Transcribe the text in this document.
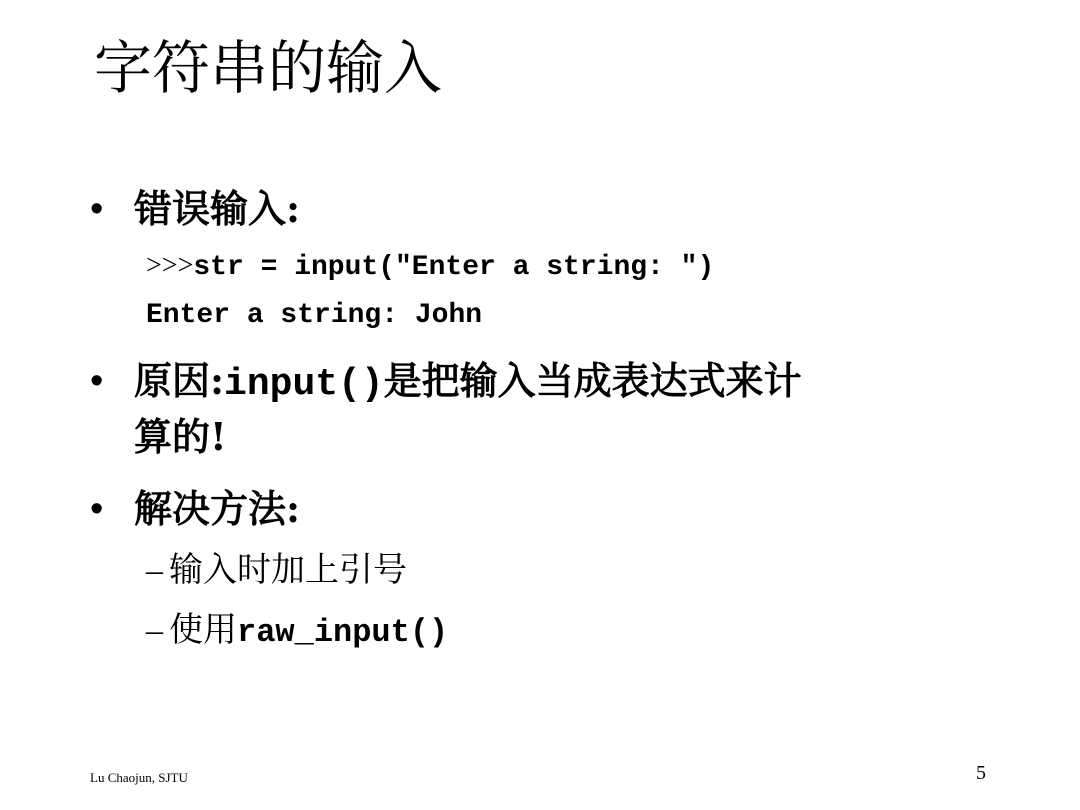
字符串的输入
• 错误输入:
>>>str = input("Enter a string: ")
Enter a string: John
• 原因:input()是把输入当成表达式来计
算的!
• 解决方法:
– 输入时加上引号
– 使用raw_input()
Lu Chaojun, SJTU	5
